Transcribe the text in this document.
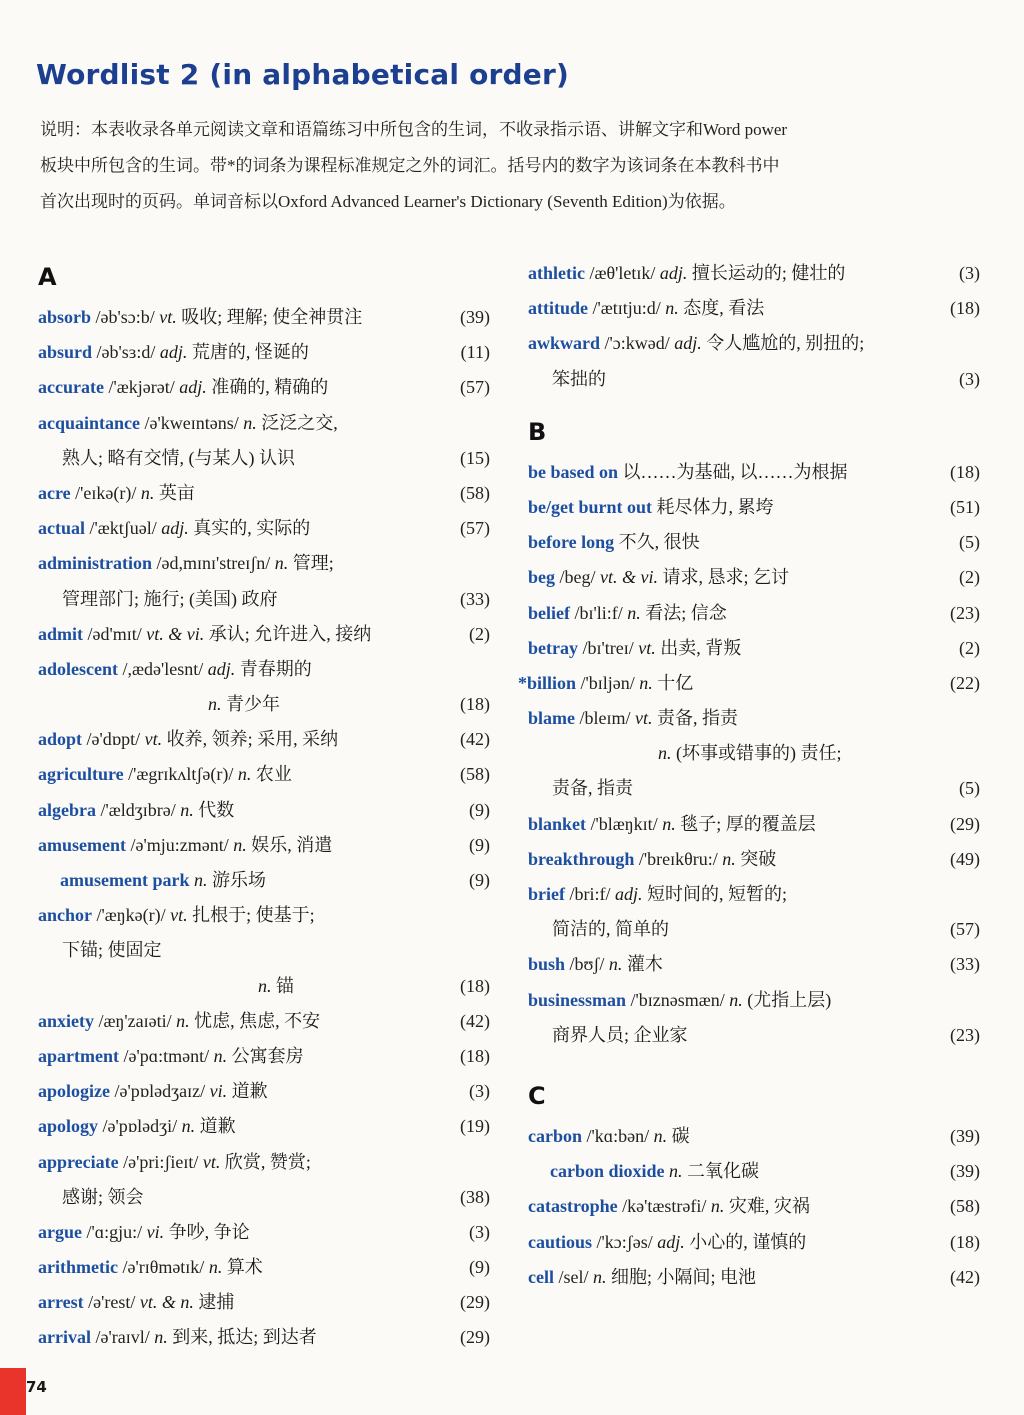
Wordlist 2 (in alphabetical order)

说明：本表收录各单元阅读文章和语篇练习中所包含的生词，不收录指示语、讲解文字和Word power

板块中所包含的生词。带*的词条为课程标准规定之外的词汇。括号内的数字为该词条在本教科书中

首次出现时的页码。单词音标以Oxford Advanced Learner's Dictionary (Seventh Edition)为依据。

A
absorb /əb'sɔ:b/ vt. 吸收; 理解; 使全神贯注	(39)
absurd /əb'sɜ:d/ adj. 荒唐的, 怪诞的	(11)
accurate /'ækjərət/ adj. 准确的, 精确的	(57)
acquaintance /ə'kweɪntəns/ n. 泛泛之交,
熟人; 略有交情, (与某人) 认识	(15)
acre /'eɪkə(r)/ n. 英亩	(58)
actual /'æktʃuəl/ adj. 真实的, 实际的	(57)
administration /əd,mɪnɪ'streɪʃn/ n. 管理;
管理部门; 施行; (美国) 政府	(33)
admit /əd'mɪt/ vt. & vi. 承认; 允许进入, 接纳	(2)
adolescent /,ædə'lesnt/ adj. 青春期的
n. 青少年	(18)
adopt /ə'dɒpt/ vt. 收养, 领养; 采用, 采纳	(42)
agriculture /'ægrɪkʌltʃə(r)/ n. 农业	(58)
algebra /'ældʒɪbrə/ n. 代数	(9)
amusement /ə'mju:zmənt/ n. 娱乐, 消遣	(9)
amusement park n. 游乐场	(9)
anchor /'æŋkə(r)/ vt. 扎根于; 使基于;
下锚; 使固定
n. 锚	(18)
anxiety /æŋ'zaɪəti/ n. 忧虑, 焦虑, 不安	(42)
apartment /ə'pɑ:tmənt/ n. 公寓套房	(18)
apologize /ə'pɒlədʒaɪz/ vi. 道歉	(3)
apology /ə'pɒlədʒi/ n. 道歉	(19)
appreciate /ə'pri:ʃieɪt/ vt. 欣赏, 赞赏;
感谢; 领会	(38)
argue /'ɑ:gju:/ vi. 争吵, 争论	(3)
arithmetic /ə'rɪθmətɪk/ n. 算术	(9)
arrest /ə'rest/ vt. & n. 逮捕	(29)
arrival /ə'raɪvl/ n. 到来, 抵达; 到达者	(29)
athletic /æθ'letɪk/ adj. 擅长运动的; 健壮的	(3)
attitude /'ætɪtju:d/ n. 态度, 看法	(18)
awkward /'ɔ:kwəd/ adj. 令人尴尬的, 别扭的;
笨拙的	(3)
B
be based on 以……为基础, 以……为根据	(18)
be/get burnt out 耗尽体力, 累垮	(51)
before long 不久, 很快	(5)
beg /beg/ vt. & vi. 请求, 恳求; 乞讨	(2)
belief /bɪ'li:f/ n. 看法; 信念	(23)
betray /bɪ'treɪ/ vt. 出卖, 背叛	(2)
*billion /'bɪljən/ n. 十亿	(22)
blame /bleɪm/ vt. 责备, 指责
n. (坏事或错事的) 责任;
责备, 指责	(5)
blanket /'blæŋkɪt/ n. 毯子; 厚的覆盖层	(29)
breakthrough /'breɪkθru:/ n. 突破	(49)
brief /bri:f/ adj. 短时间的, 短暂的;
简洁的, 简单的	(57)
bush /bʊʃ/ n. 灌木	(33)
businessman /'bɪznəsmæn/ n. (尤指上层)
商界人员; 企业家	(23)
C
carbon /'kɑ:bən/ n. 碳	(39)
carbon dioxide n. 二氧化碳	(39)
catastrophe /kə'tæstrəfi/ n. 灾难, 灾祸	(58)
cautious /'kɔ:ʃəs/ adj. 小心的, 谨慎的	(18)
cell /sel/ n. 细胞; 小隔间; 电池	(42)
74
